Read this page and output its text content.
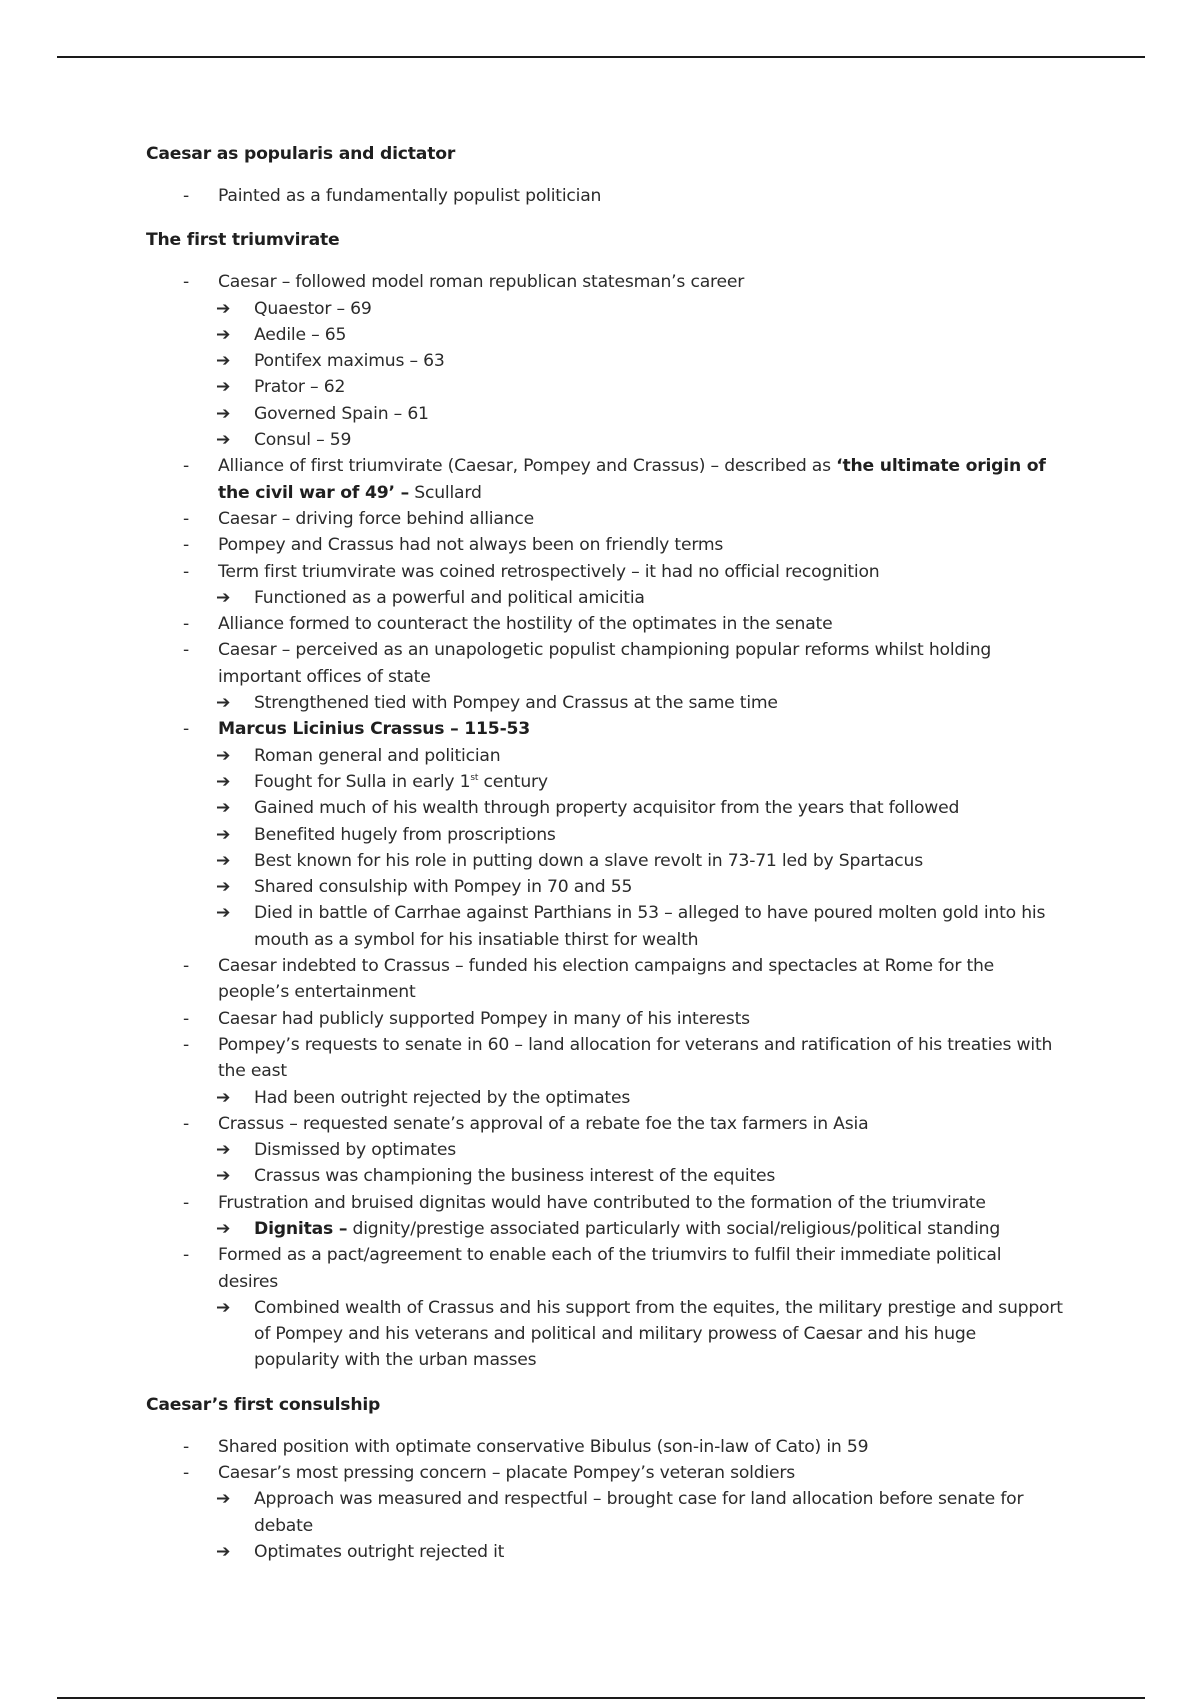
Caesar as popularis and dictator
- Painted as a fundamentally populist politician
The first triumvirate
- Caesar – followed model roman republican statesman’s career
➔ Quaestor – 69
➔ Aedile – 65
➔ Pontifex maximus – 63
➔ Prator – 62
➔ Governed Spain – 61
➔ Consul – 59
- Alliance of first triumvirate (Caesar, Pompey and Crassus) – described as ‘the ultimate origin of the civil war of 49’ – Scullard
- Caesar – driving force behind alliance
- Pompey and Crassus had not always been on friendly terms
- Term first triumvirate was coined retrospectively – it had no official recognition
➔ Functioned as a powerful and political amicitia
- Alliance formed to counteract the hostility of the optimates in the senate
- Caesar – perceived as an unapologetic populist championing popular reforms whilst holding important offices of state
➔ Strengthened tied with Pompey and Crassus at the same time
- Marcus Licinius Crassus – 115-53
➔ Roman general and politician
➔ Fought for Sulla in early 1st century
➔ Gained much of his wealth through property acquisitor from the years that followed
➔ Benefited hugely from proscriptions
➔ Best known for his role in putting down a slave revolt in 73-71 led by Spartacus
➔ Shared consulship with Pompey in 70 and 55
➔ Died in battle of Carrhae against Parthians in 53 – alleged to have poured molten gold into his mouth as a symbol for his insatiable thirst for wealth
- Caesar indebted to Crassus – funded his election campaigns and spectacles at Rome for the people’s entertainment
- Caesar had publicly supported Pompey in many of his interests
- Pompey’s requests to senate in 60 – land allocation for veterans and ratification of his treaties with the east
➔ Had been outright rejected by the optimates
- Crassus – requested senate’s approval of a rebate foe the tax farmers in Asia
➔ Dismissed by optimates
➔ Crassus was championing the business interest of the equites
- Frustration and bruised dignitas would have contributed to the formation of the triumvirate
➔ Dignitas – dignity/prestige associated particularly with social/religious/political standing
- Formed as a pact/agreement to enable each of the triumvirs to fulfil their immediate political desires
➔ Combined wealth of Crassus and his support from the equites, the military prestige and support of Pompey and his veterans and political and military prowess of Caesar and his huge popularity with the urban masses
Caesar’s first consulship
- Shared position with optimate conservative Bibulus (son-in-law of Cato) in 59
- Caesar’s most pressing concern – placate Pompey’s veteran soldiers
➔ Approach was measured and respectful – brought case for land allocation before senate for debate
➔ Optimates outright rejected it
